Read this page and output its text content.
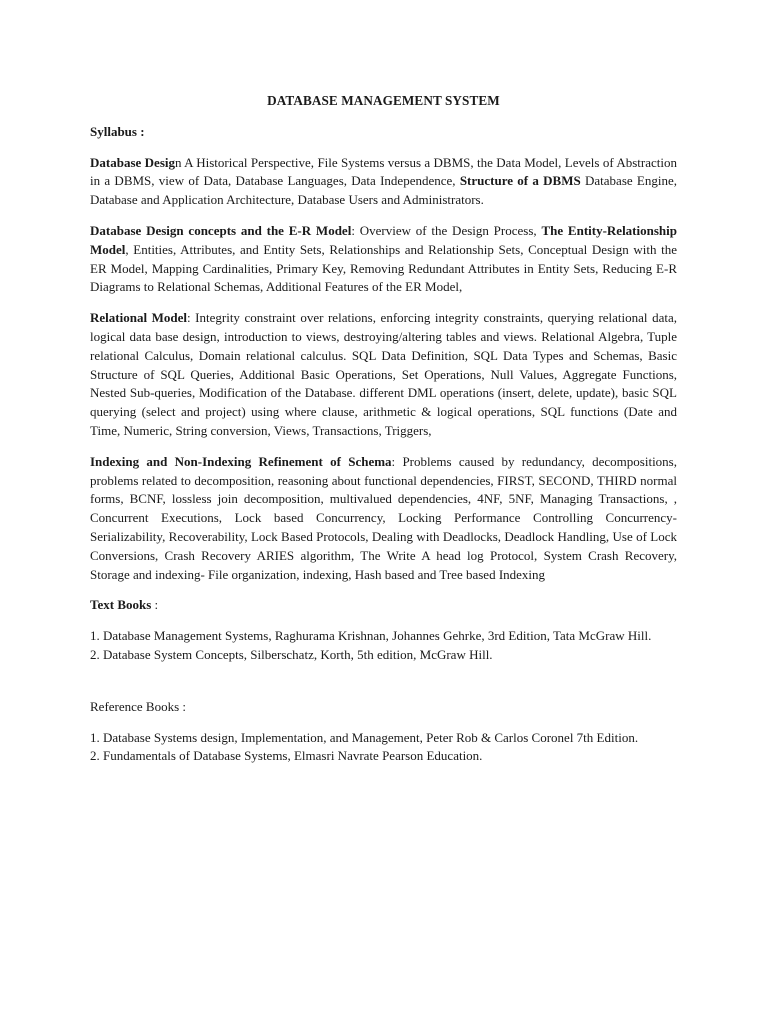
DATABASE MANAGEMENT SYSTEM
Syllabus :

Database Design A Historical Perspective, File Systems versus a DBMS, the Data Model, Levels of Abstraction in a DBMS, view of Data, Database Languages, Data Independence, Structure of a DBMS Database Engine, Database and Application Architecture, Database Users and Administrators.

Database Design concepts and the E-R Model: Overview of the Design Process, The Entity-Relationship Model, Entities, Attributes, and Entity Sets, Relationships and Relationship Sets, Conceptual Design with the ER Model, Mapping Cardinalities, Primary Key, Removing Redundant Attributes in Entity Sets, Reducing E-R Diagrams to Relational Schemas, Additional Features of the ER Model,

Relational Model: Integrity constraint over relations, enforcing integrity constraints, querying relational data, logical data base design, introduction to views, destroying/altering tables and views. Relational Algebra, Tuple relational Calculus, Domain relational calculus. SQL Data Definition, SQL Data Types and Schemas, Basic Structure of SQL Queries, Additional Basic Operations, Set Operations, Null Values, Aggregate Functions, Nested Sub-queries, Modification of the Database. different DML operations (insert, delete, update), basic SQL querying (select and project) using where clause, arithmetic & logical operations, SQL functions (Date and Time, Numeric, String conversion, Views, Transactions, Triggers,

Indexing and Non-Indexing Refinement of Schema: Problems caused by redundancy, decompositions, problems related to decomposition, reasoning about functional dependencies, FIRST, SECOND, THIRD normal forms, BCNF, lossless join decomposition, multivalued dependencies, 4NF, 5NF, Managing Transactions, , Concurrent Executions, Lock based Concurrency, Locking Performance Controlling Concurrency-Serializability, Recoverability, Lock Based Protocols, Dealing with Deadlocks, Deadlock Handling, Use of Lock Conversions, Crash Recovery ARIES algorithm, The Write A head log Protocol, System Crash Recovery, Storage and indexing- File organization, indexing, Hash based and Tree based Indexing

Text Books :
1. Database Management Systems, Raghurama Krishnan, Johannes Gehrke, 3rd Edition, Tata McGraw Hill.
2. Database System Concepts, Silberschatz, Korth, 5th edition, McGraw Hill.
Reference Books :
1. Database Systems design, Implementation, and Management, Peter Rob & Carlos Coronel 7th Edition.
2. Fundamentals of Database Systems, Elmasri Navrate Pearson Education.
